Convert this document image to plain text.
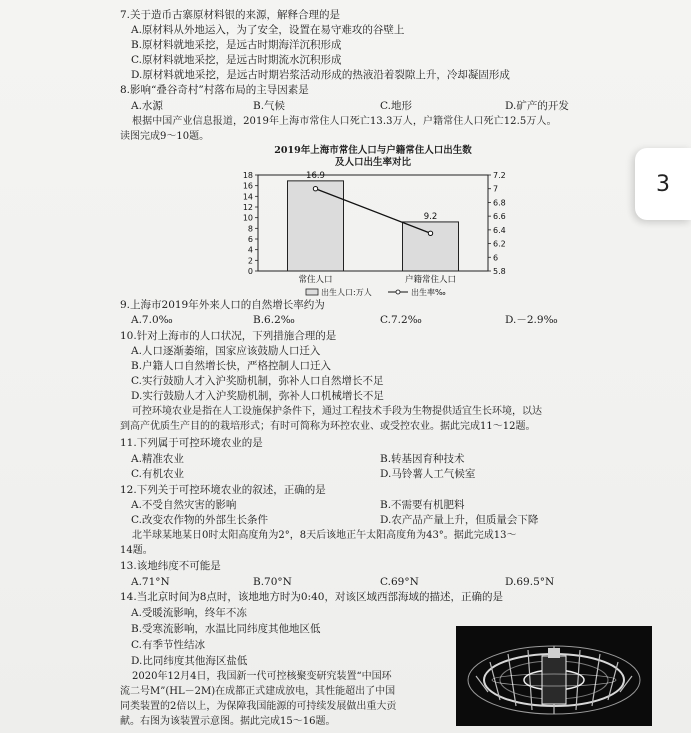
7.关于造币古寨原材料银的来源，解释合理的是
A.原材料从外地运入，为了安全，设置在易守难攻的谷壁上
B.原材料就地采挖，是远古时期海洋沉积形成
C.原材料就地采挖，是远古时期流水沉积形成
D.原材料就地采挖，是远古时期岩浆活动形成的热液沿着裂隙上升，冷却凝固形成
8.影响“叠谷奇村”村落布局的主导因素是
A.水源	B.气候	C.地形	D.矿产的开发
根据中国产业信息报道，2019年上海市常住人口死亡13.3万人，户籍常住人口死亡12.5万人。
读图完成9～10题。
2019年上海市常住人口与户籍常住人口出生数
及人口出生率对比
0
2
4
6
8
10
12
14
16
18
5.8
6
6.2
6.4
6.6
6.8
7
7.2
16.9
常住人口
9.2
户籍常住人口
出生人口:万人	出生率‰
9.上海市2019年外来人口的自然增长率约为
A.7.0‰	B.6.2‰	C.7.2‰	D.－2.9‰
10.针对上海市的人口状况，下列措施合理的是
A.人口逐渐萎缩，国家应该鼓励人口迁入
B.户籍人口自然增长快，严格控制人口迁入
C.实行鼓励人才入沪奖励机制，弥补人口自然增长不足
D.实行鼓励人才入沪奖励机制，弥补人口机械增长不足
可控环境农业是指在人工设施保护条件下，通过工程技术手段为生物提供适宜生长环境，以达
到高产优质生产目的的栽培形式；有时可简称为环控农业、或受控农业。据此完成11～12题。
11.下列属于可控环境农业的是
A.精准农业	B.转基因育种技术
C.有机农业	D.马铃薯人工气候室
12.下列关于可控环境农业的叙述，正确的是
A.不受自然灾害的影响	B.不需要有机肥料
C.改变农作物的外部生长条件	D.农产品产量上升，但质量会下降
北半球某地某日0时太阳高度角为2°，8天后该地正午太阳高度角为43°。据此完成13～
14题。
13.该地纬度不可能是
A.71°N	B.70°N	C.69°N	D.69.5°N
14.当北京时间为8点时，该地地方时为0:40，对该区域西部海域的描述，正确的是
A.受暖流影响，终年不冻
B.受寒流影响，水温比同纬度其他地区低
C.有季节性结冰
D.比同纬度其他海区盐低
2020年12月4日，我国新一代可控核聚变研究装置“中国环
流二号M”(HL－2M)在成都正式建成放电，其性能超出了中国
同类装置的2倍以上，为保障我国能源的可持续发展做出重大贡
献。右图为该装置示意图。据此完成15～16题。
3
